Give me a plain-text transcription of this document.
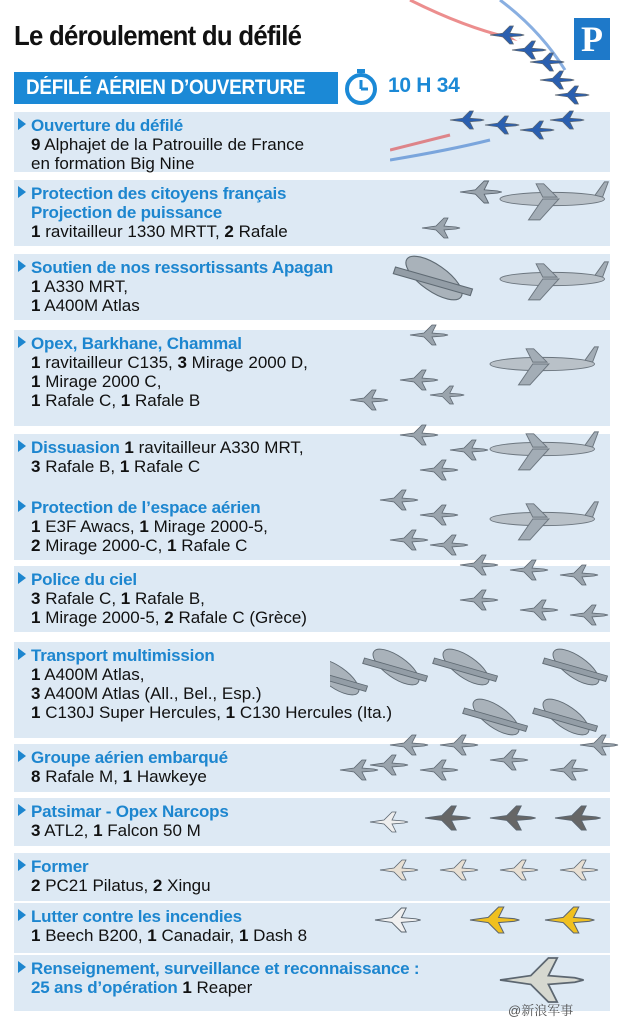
Le déroulement du défilé	P
DÉFILÉ AÉRIEN D’OUVERTURE	10 H 34
Ouverture du défilé
9 Alphajet de la Patrouille de France
en formation Big Nine
Protection des citoyens français
Projection de puissance
1 ravitailleur 1330 MRTT, 2 Rafale
Soutien de nos ressortissants Apagan
1 A330 MRT,
1 A400M Atlas
Opex, Barkhane, Chammal
1 ravitailleur C135, 3 Mirage 2000 D,
1 Mirage 2000 C,
1 Rafale C, 1 Rafale B
Dissuasion 1 ravitailleur A330 MRT,
3 Rafale B, 1 Rafale C
Protection de l’espace aérien
1 E3F Awacs, 1 Mirage 2000-5,
2 Mirage 2000-C, 1 Rafale C
Police du ciel
3 Rafale C, 1 Rafale B,
1 Mirage 2000-5, 2 Rafale C (Grèce)
Transport multimission
1 A400M Atlas,
3 A400M Atlas (All., Bel., Esp.)
1 C130J Super Hercules, 1 C130 Hercules (Ita.)
Groupe aérien embarqué
8 Rafale M, 1 Hawkeye
Patsimar - Opex Narcops
3 ATL2, 1 Falcon 50 M
Former
2 PC21 Pilatus, 2 Xingu
Lutter contre les incendies
1 Beech B200, 1 Canadair, 1 Dash 8
Renseignement, surveillance et reconnaissance :
25 ans d’opération 1 Reaper
@新浪军事
